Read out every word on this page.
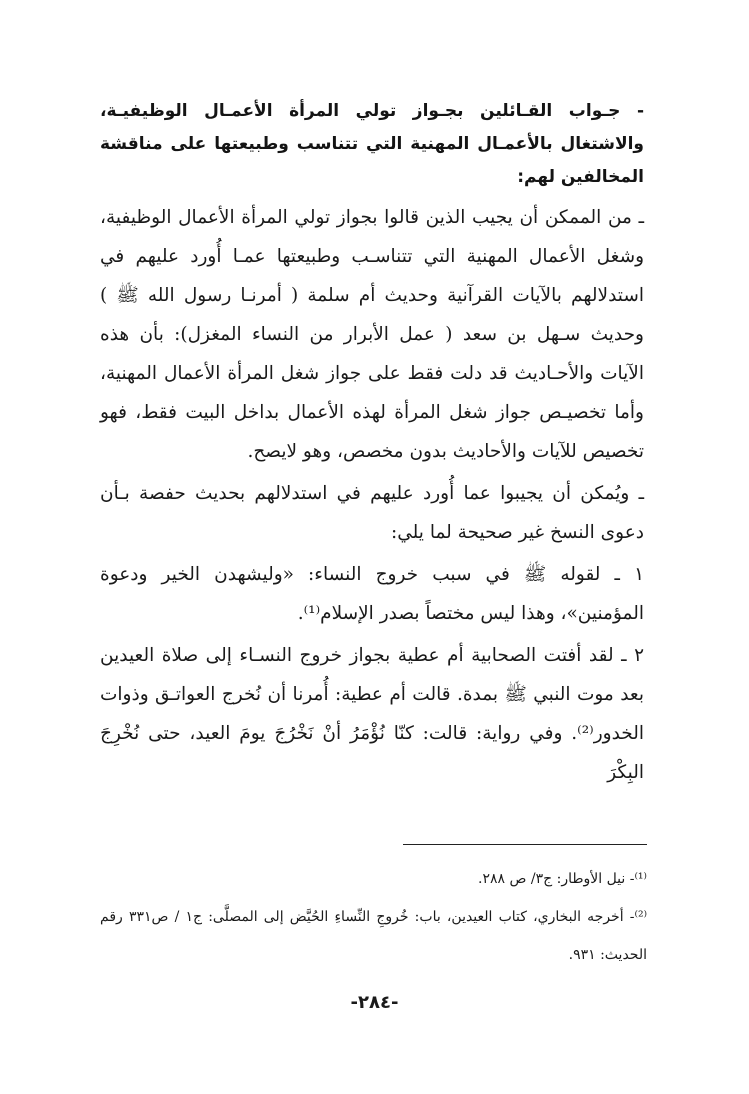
- جـواب القـائلين بجـواز تولي المرأة الأعمـال الوظيفيـة، والاشتغال بالأعمـال المهنية التي تتناسب وطبيعتها على مناقشة المخالفين لهم:

ـ من الممكن أن يجيب الذين قالوا بجواز تولي المرأة الأعمال الوظيفية، وشغل الأعمال المهنية التي تتناسـب وطبيعتها عمـا أُورد عليهم في استدلالهم بالآيات القرآنية وحديث أم سلمة ( أمرنـا رسول الله ﷺ ) وحديث سـهل بن سعد ( عمل الأبرار من النساء المغزل): بأن هذه الآيات والأحـاديث قد دلت فقط على جواز شغل المرأة الأعمال المهنية، وأما تخصيـص جواز شغل المرأة لهذه الأعمال بداخل البيت فقط، فهو تخصيص للآيات والأحاديث بدون مخصص، وهو لايصح.

ـ ويُمكن أن يجيبوا عما أُورد عليهم في استدلالهم بحديث حفصة بـأن دعوى النسخ غير صحيحة لما يلي:

١ ـ لقوله ﷺ في سبب خروج النساء: «وليشهدن الخير ودعوة المؤمنين»، وهذا ليس مختصاً بصدر الإسلام⁽¹⁾.

٢ ـ لقد أفتت الصحابية أم عطية بجواز خروج النسـاء إلى صلاة العيدين بعد موت النبي ﷺ بمدة. قالت أم عطية: أُمرنا أن نُخرج العواتـق وذوات الخدور⁽²⁾. وفي رواية: قالت: كنّا نُؤْمَرُ أنْ نَخْرُجَ يومَ العيد، حتى نُخْرِجَ البِكْرَ

⁽¹⁾- نيل الأوطار: ج٣/ ص ٢٨٨.

⁽²⁾- أخرجه البخاري، كتاب العيدين، باب: خُروجِ النِّساءِ الحُيَّض إلى المصلَّى: ج١ / ص٣٣١ رقم الحديث: ٩٣١.

-٢٨٤-
